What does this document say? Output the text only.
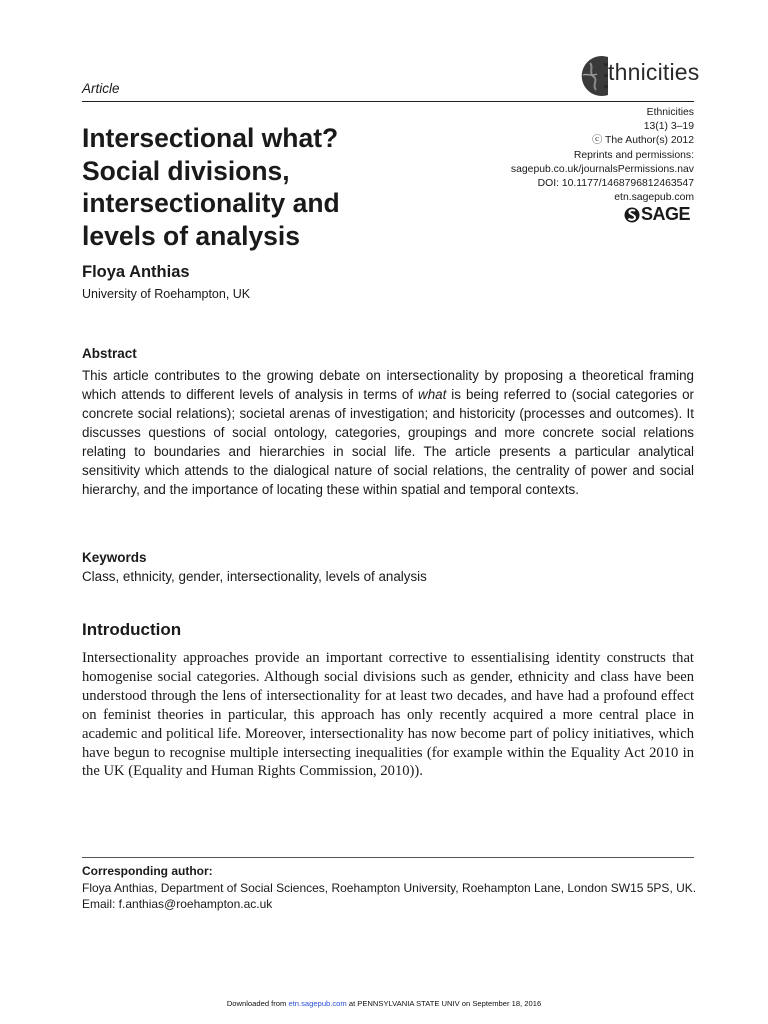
Article
thnicities
Ethnicities
13(1) 3–19
ⓒ The Author(s) 2012
Reprints and permissions:
sagepub.co.uk/journalsPermissions.nav
DOI: 10.1177/1468796812463547
etn.sagepub.com
SAGE
Intersectional what?
Social divisions,
intersectionality and
levels of analysis
Floya Anthias
University of Roehampton, UK
Abstract
This article contributes to the growing debate on intersectionality by proposing a theoretical framing which attends to different levels of analysis in terms of what is being referred to (social categories or concrete social relations); societal arenas of investigation; and historicity (processes and outcomes). It discusses questions of social ontology, categories, groupings and more concrete social relations relating to boundaries and hierarchies in social life. The article presents a particular analytical sensitivity which attends to the dialogical nature of social relations, the centrality of power and social hierarchy, and the importance of locating these within spatial and temporal contexts.
Keywords
Class, ethnicity, gender, intersectionality, levels of analysis
Introduction
Intersectionality approaches provide an important corrective to essentialising identity constructs that homogenise social categories. Although social divisions such as gender, ethnicity and class have been understood through the lens of intersectionality for at least two decades, and have had a profound effect on feminist theories in particular, this approach has only recently acquired a more central place in academic and political life. Moreover, intersectionality has now become part of policy initiatives, which have begun to recognise multiple intersecting inequalities (for example within the Equality Act 2010 in the UK (Equality and Human Rights Commission, 2010)).
Corresponding author:
Floya Anthias, Department of Social Sciences, Roehampton University, Roehampton Lane, London SW15 5PS, UK.
Email: f.anthias@roehampton.ac.uk
Downloaded from etn.sagepub.com at PENNSYLVANIA STATE UNIV on September 18, 2016
